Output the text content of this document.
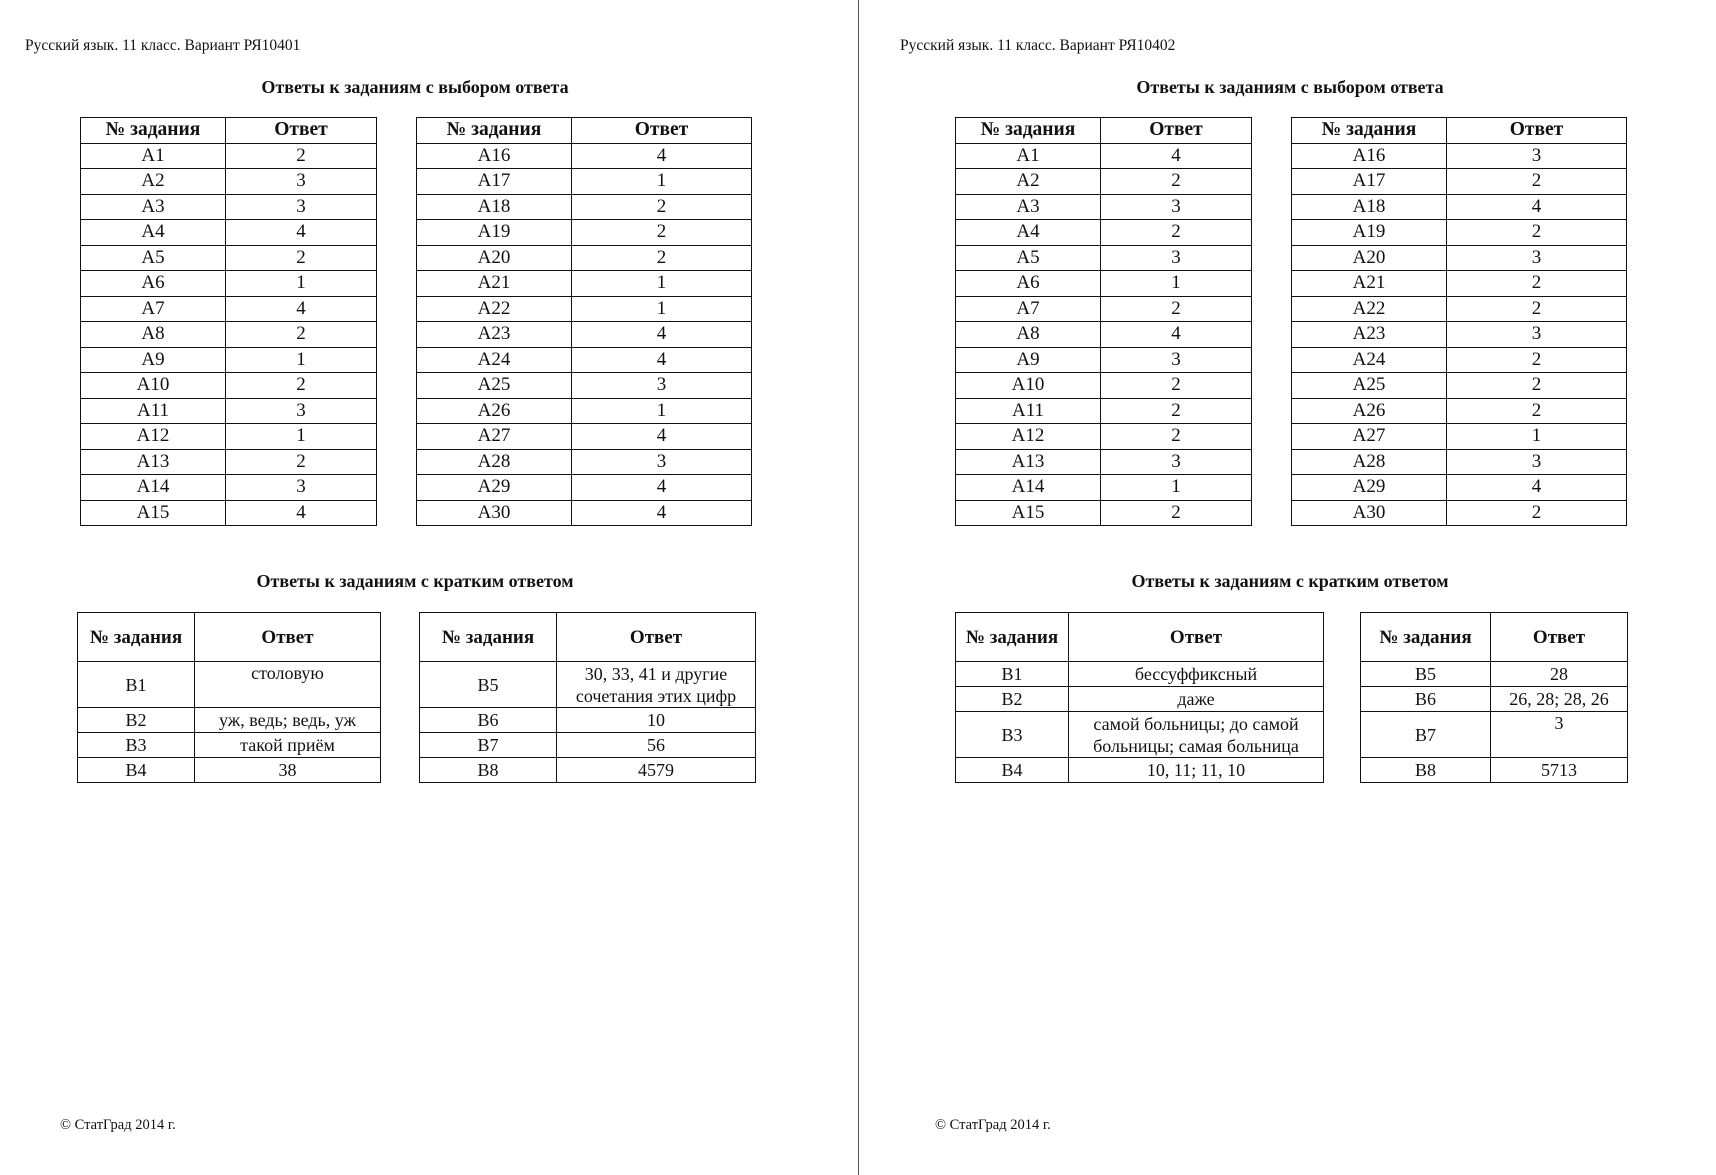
Русский язык. 11 класс. Вариант РЯ10401
Ответы к заданиям с выбором ответа
№ задания	Ответ
A1	2
A2	3
A3	3
A4	4
A5	2
A6	1
A7	4
A8	2
A9	1
A10	2
A11	3
A12	1
A13	2
A14	3
A15	4
№ задания	Ответ
A16	4
A17	1
A18	2
A19	2
A20	2
A21	1
A22	1
A23	4
A24	4
A25	3
A26	1
A27	4
A28	3
A29	4
A30	4
Ответы к заданиям с кратким ответом
№ задания	Ответ
B1	столовую
B2	уж, ведь; ведь, уж
B3	такой приём
B4	38
№ задания	Ответ
B5	30, 33, 41 и другие сочетания этих цифр
B6	10
B7	56
B8	4579
© СтатГрад 2014 г.
Русский язык. 11 класс. Вариант РЯ10402
Ответы к заданиям с выбором ответа
№ задания	Ответ
A1	4
A2	2
A3	3
A4	2
A5	3
A6	1
A7	2
A8	4
A9	3
A10	2
A11	2
A12	2
A13	3
A14	1
A15	2
№ задания	Ответ
A16	3
A17	2
A18	4
A19	2
A20	3
A21	2
A22	2
A23	3
A24	2
A25	2
A26	2
A27	1
A28	3
A29	4
A30	2
Ответы к заданиям с кратким ответом
№ задания	Ответ
B1	бессуффиксный
B2	даже
B3	самой больницы; до самой больницы; самая больница
B4	10, 11; 11, 10
№ задания	Ответ
B5	28
B6	26, 28; 28, 26
B7	3
B8	5713
© СтатГрад 2014 г.
